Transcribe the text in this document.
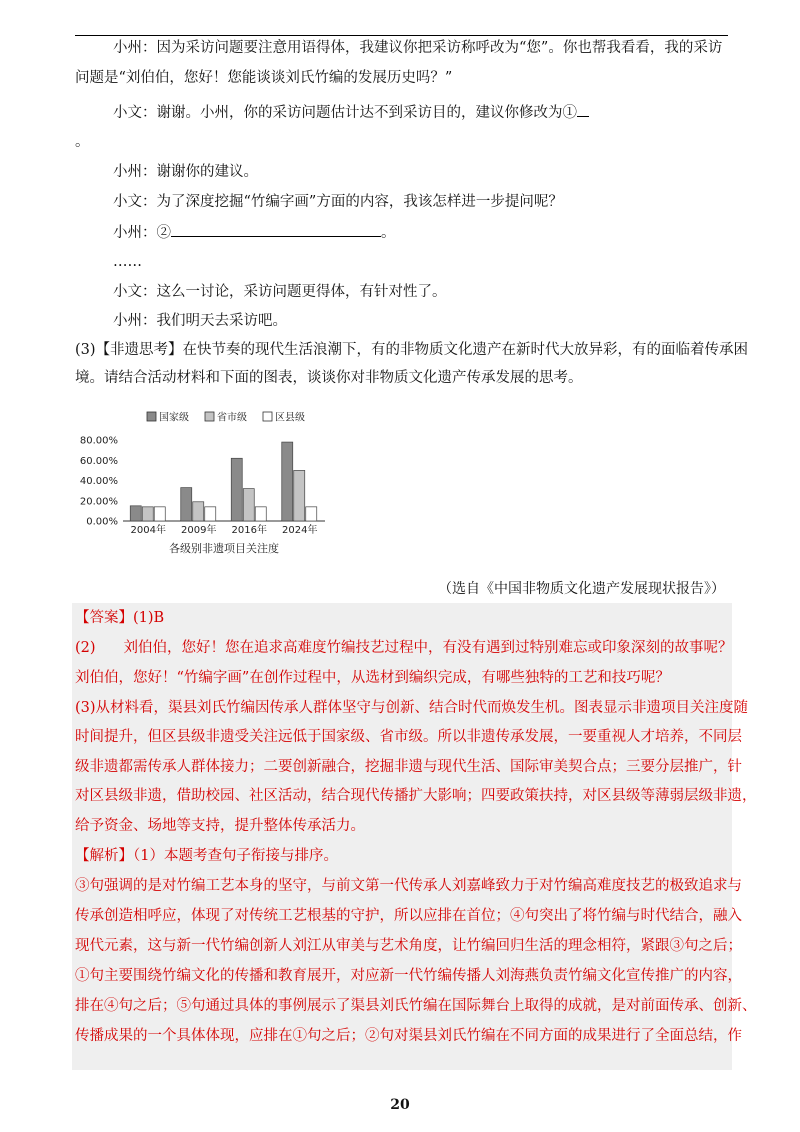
小州：因为采访问题要注意用语得体，我建议你把采访称呼改为“您”。你也帮我看看，我的采访
问题是“刘伯伯，您好！您能谈谈刘氏竹编的发展历史吗？”
小文：谢谢。小州，你的采访问题估计达不到采访目的，建议你修改为①
。
小州：谢谢你的建议。
小文：为了深度挖掘“竹编字画”方面的内容，我该怎样进一步提问呢？
小州：②	。
……
小文：这么一讨论，采访问题更得体，有针对性了。
小州：我们明天去采访吧。
(3)【非遗思考】在快节奏的现代生活浪潮下，有的非物质文化遗产在新时代大放异彩，有的面临着传承困
境。请结合活动材料和下面的图表，谈谈你对非物质文化遗产传承发展的思考。
国家级	省市级	区县级
80.00%
60.00%
40.00%
20.00%
0.00%
2004年 2009年 2016年 2024年
各级别非遗项目关注度
（选自《中国非物质文化遗产发展现状报告》）
【答案】(1)B
(2) 刘伯伯，您好！您在追求高难度竹编技艺过程中，有没有遇到过特别难忘或印象深刻的故事呢？
刘伯伯，您好！“竹编字画”在创作过程中，从选材到编织完成，有哪些独特的工艺和技巧呢？
(3)从材料看，渠县刘氏竹编因传承人群体坚守与创新、结合时代而焕发生机。图表显示非遗项目关注度随
时间提升，但区县级非遗受关注远低于国家级、省市级。所以非遗传承发展，一要重视人才培养，不同层
级非遗都需传承人群体接力；二要创新融合，挖掘非遗与现代生活、国际审美契合点；三要分层推广，针
对区县级非遗，借助校园、社区活动，结合现代传播扩大影响；四要政策扶持，对区县级等薄弱层级非遗，
给予资金、场地等支持，提升整体传承活力。
【解析】（1）本题考查句子衔接与排序。
③句强调的是对竹编工艺本身的坚守，与前文第一代传承人刘嘉峰致力于对竹编高难度技艺的极致追求与
传承创造相呼应，体现了对传统工艺根基的守护，所以应排在首位；④句突出了将竹编与时代结合，融入
现代元素，这与新一代竹编创新人刘江从审美与艺术角度，让竹编回归生活的理念相符，紧跟③句之后；
①句主要围绕竹编文化的传播和教育展开，对应新一代竹编传播人刘海燕负责竹编文化宣传推广的内容，
排在④句之后；⑤句通过具体的事例展示了渠县刘氏竹编在国际舞台上取得的成就，是对前面传承、创新、
传播成果的一个具体体现，应排在①句之后；②句对渠县刘氏竹编在不同方面的成果进行了全面总结，作
20
